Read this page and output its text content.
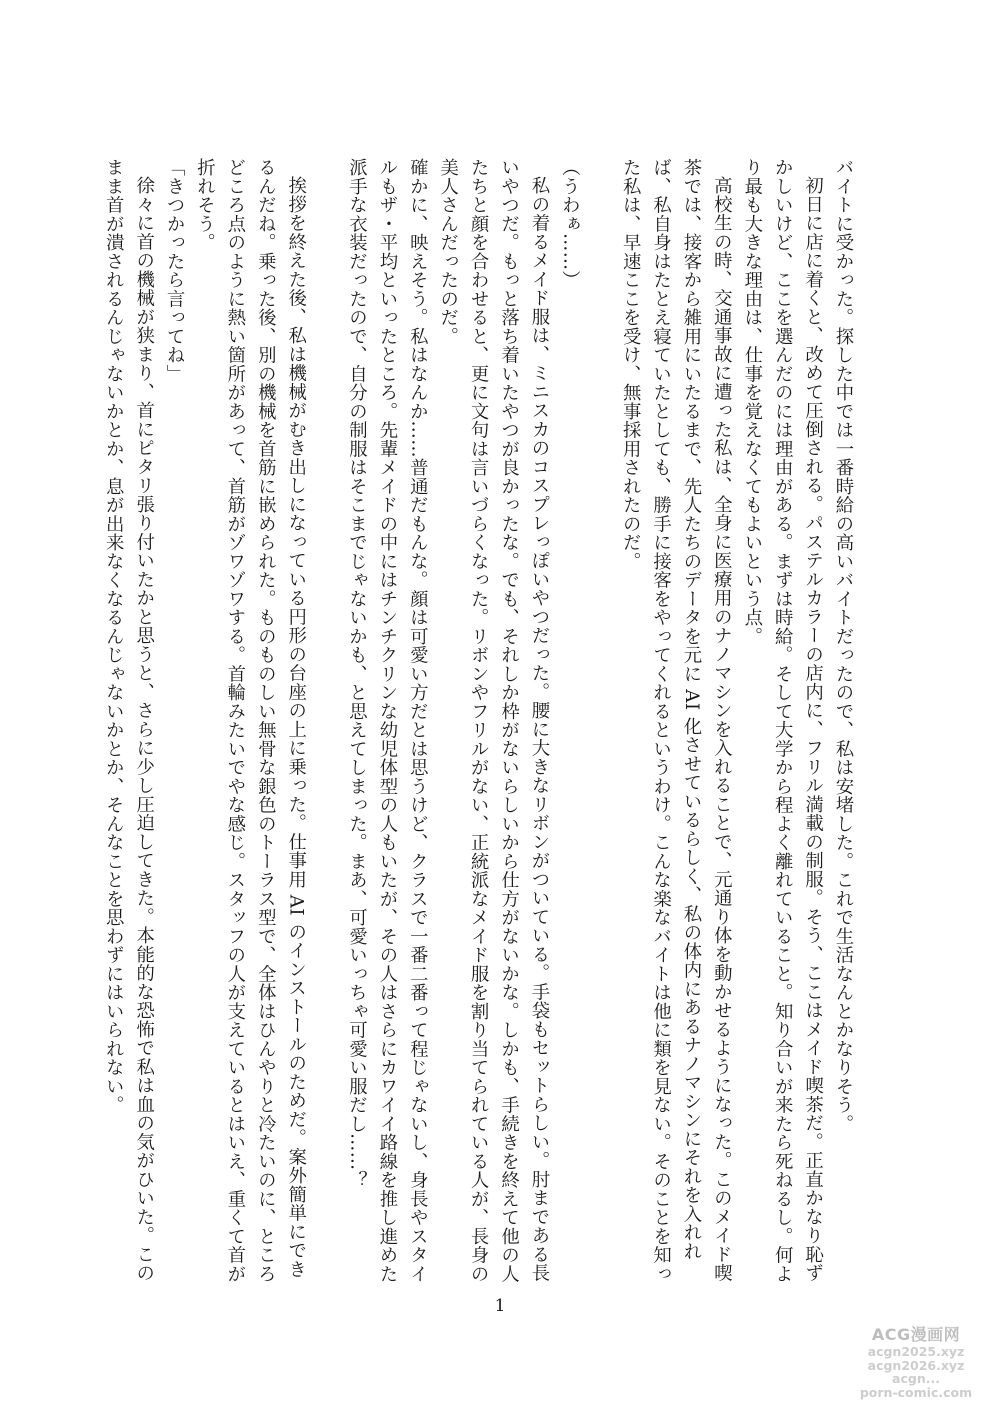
バイトに受かった。探した中では一番時給の高いバイトだったので、私は安堵した。これで生活なんとかなりそう。

初日に店に着くと、改めて圧倒される。パステルカラーの店内に、フリル満載の制服。そう、ここはメイド喫茶だ。正直かなり恥ずかしいけど、ここを選んだのには理由がある。まずは時給。そして大学から程よく離れていること。知り合いが来たら死ねるし。何より最も大きな理由は、仕事を覚えなくてもよいという点。

高校生の時、交通事故に遭った私は、全身に医療用のナノマシンを入れることで、元通り体を動かせるようになった。このメイド喫茶では、接客から雑用にいたるまで、先人たちのデータを元に AI 化させているらしく、私の体内にあるナノマシンにそれを入れれば、私自身はたとえ寝ていたとしても、勝手に接客をやってくれるというわけ。こんな楽なバイトは他に類を見ない。そのことを知った私は、早速ここを受け、無事採用されたのだ。

（うわぁ……）

私の着るメイド服は、ミニスカのコスプレっぽいやつだった。腰に大きなリボンがついている。手袋もセットらしい。肘まである長いやつだ。もっと落ち着いたやつが良かったな。でも、それしか枠がないらしいから仕方がないかな。しかも、手続きを終えて他の人たちと顔を合わせると、更に文句は言いづらくなった。リボンやフリルがない、正統派なメイド服を割り当てられている人が、長身の美人さんだったのだ。

確かに、映えそう。私はなんか……普通だもんな。顔は可愛い方だとは思うけど、クラスで一番二番って程じゃないし、身長やスタイルもザ・平均といったところ。先輩メイドの中にはチンチクリンな幼児体型の人もいたが、その人はさらにカワイイ路線を推し進めた派手な衣装だったので、自分の制服はそこまでじゃないかも、と思えてしまった。まあ、可愛いっちゃ可愛い服だし……？

挨拶を終えた後、私は機械がむき出しになっている円形の台座の上に乗った。仕事用 AI のインストールのためだ。案外簡単にできるんだね。乗った後、別の機械を首筋に嵌められた。ものものしい無骨な銀色のトーラス型で、全体はひんやりと冷たいのに、ところどころ点のように熱い箇所があって、首筋がゾワゾワする。首輪みたいでやな感じ。スタッフの人が支えているとはいえ、重くて首が折れそう。

「きつかったら言ってね」

徐々に首の機械が狭まり、首にピタリ張り付いたかと思うと、さらに少し圧迫してきた。本能的な恐怖で私は血の気がひいた。このまま首が潰されるんじゃないかとか、息が出来なくなるんじゃないかとか、そんなことを思わずにはいられない。

1
ACG漫画网
acgn2025.xyz
acgn2026.xyz
acgn...
porn-comic.com
